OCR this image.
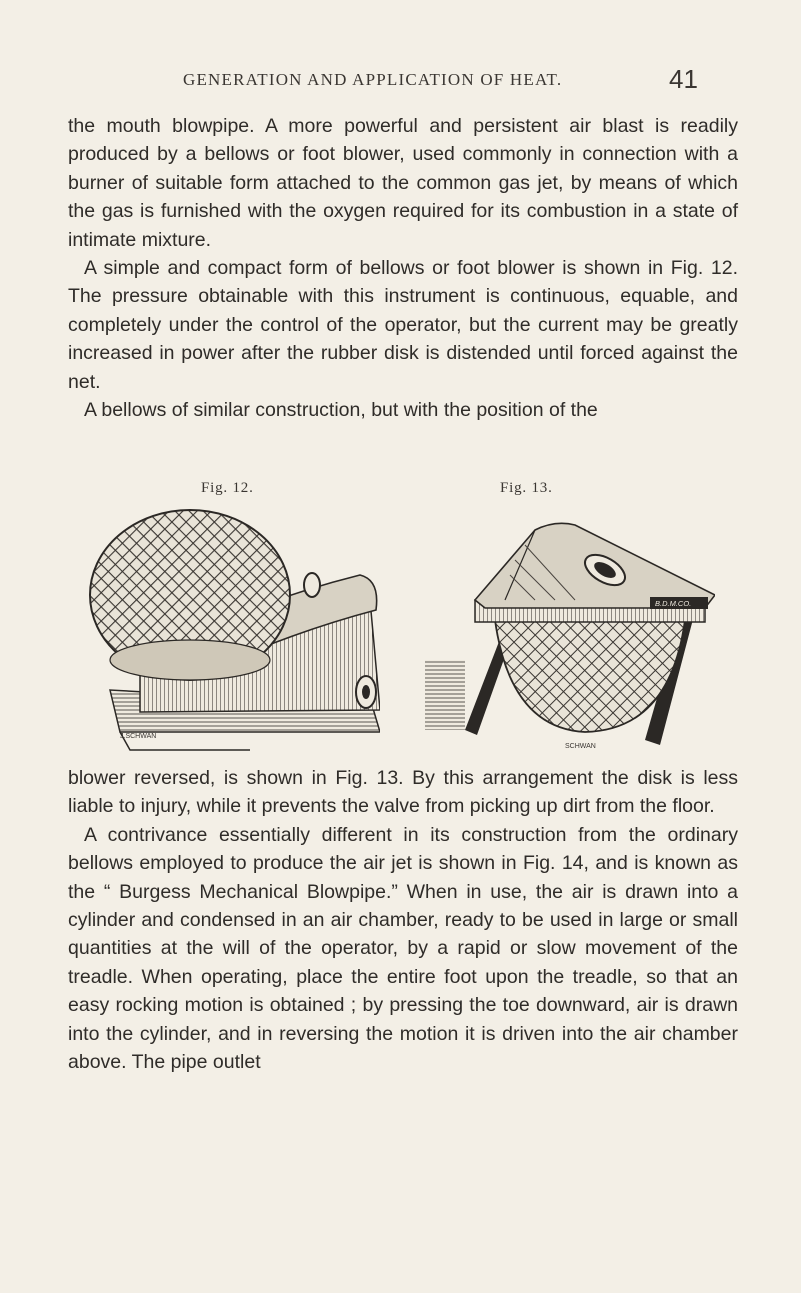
GENERATION AND APPLICATION OF HEAT.	41

the mouth blowpipe. A more powerful and persistent air blast is readily produced by a bellows or foot blower, used commonly in connection with a burner of suitable form attached to the common gas jet, by means of which the gas is furnished with the oxygen required for its combustion in a state of intimate mixture.

A simple and compact form of bellows or foot blower is shown in Fig. 12. The pressure obtainable with this instrument is continuous, equable, and completely under the control of the operator, but the current may be greatly increased in power after the rubber disk is distended until forced against the net.

A bellows of similar construction, but with the position of the

Fig. 12.	Fig. 13.
J.SCHWAN
B.D.M.CO.
SCHWAN

blower reversed, is shown in Fig. 13. By this arrangement the disk is less liable to injury, while it prevents the valve from picking up dirt from the floor.

A contrivance essentially different in its construction from the ordinary bellows employed to produce the air jet is shown in Fig. 14, and is known as the “ Burgess Mechanical Blowpipe.” When in use, the air is drawn into a cylinder and condensed in an air chamber, ready to be used in large or small quantities at the will of the operator, by a rapid or slow movement of the treadle. When operating, place the entire foot upon the treadle, so that an easy rocking motion is obtained ; by pressing the toe downward, air is drawn into the cylinder, and in reversing the motion it is driven into the air chamber above. The pipe outlet
